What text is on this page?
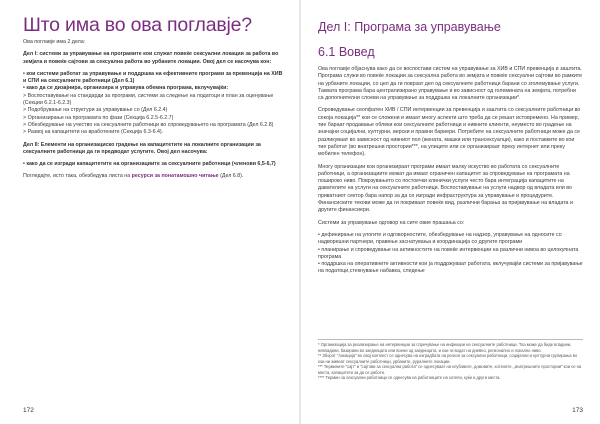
Што има во ова поглавје?

Ова поглавје има 2 дела:

Дел I: системи за управување на програмите кои служат повеќе сексуални локации за работа во земјата и повеќе сајтови за сексуална работа во урбаните локации. Овој дел се насочува кон:

• кои системи работат за управување и поддршка на ефективните програми за превенција на ХИВ и СПИ на сексуалните работници (Дел 6.1)

• како да се дизајнира, организира и управува обемна програма, вклучувајќи:

> Воспоставување на стандарди за програми, системи за следење на податоци и план за оценување (Секции 6.2.1-6.2.3)
> Подобрување на структури за управување со (Дел 6.2.4)
> Организирање на програмата по фази (Секција 6.2.5-6.2.7)
> Обезбедување на учество на сексуалните работници во спроведувањето на програмата (Дел 6.2.8)
> Развој на капацитети на вработените (Секција 6.3-6.4).

Дел II: Елементи на организациско градење на капацитетите на локалните организации за сексуалните работници да ги предводат услугите. Овој дел насочува:

• како да се изгради капацитетите на организациите за сексуалните работници (членови 6,5-6,7)

Погледајте, исто така, обезбедува листа на ресурси за понатамошно читање (Дел 6.8).

172
Дел I: Програма за управување
6.1 Вовед

Ова поглавје објаснува како да се воспостави систем на управување за ХИВ и СПИ превенција и заштита. Програма служи во повеќе локации за сексуална работа во земјата и повеќе сексуални сајтови во рамките на урбаните локации, со цел да ги поврзат дел од сексуалните работници барани со зголемување услуги. Таквата програма бара централизирано управување и во зависност од големината на земјата, потребни са дополнителни слоеви на управување за поддршка на локалните организации*.

Спроведување сеопфатен ХИВ / СПИ интервенции за превенција и заштита со сексуалните работници во секоја локација** кои се сложени и имаат многу аспекти што треба да се решат истовремено. На пример, тие бараат продавање облеки кои сексуалните работници и нивните клиенти, неуместо во градење на значајни социјални, културни, верски и правни бариери. Потребите на сексуалните работници може да се разликуваат во зависност од нивниот пол (жената, машки или трансексуалци), како и поставките во кои тие работат (во внатрешни простории***, на улиците или се организираат преку интернет или преку мобилен телефон).

Многу организации кои организираат програми имаат малку искуство во работата со сексуалните работници, а организациите можат да имаат ограничен капацитет за спроведување на програмата на пошироко ниво. Поврзувањето со постоечки клинички услуги често бара интеграција капацитите на давателите на услуги на сексуалните работници. Воспоставување на услуги надвор од владата или во приватниот сектор бара напор за да се изгради инфраструктура за управување и процедурите. Финансиските текови може да ги покриваат повеќе вид, различни барања за пријавување на владата и другите финансиери.

Системи за управување одговор на сите овие прашања со:

• дефинирање на улогите и одговорностите, обезбедување на надзор, управување на односите со надворешни партнери, правење заснатувања и координација со другите програми

• планирање и спроведување на активностите на повеќе интервенции на различни нивоа во целокупната програма

• поддршка на оперативните активности кои ја поддржуваат работата, вклучувајќи системи за пријавување на податоци,стекнување набавка, следење

* Организација за реализирање на интервенции за спречување на инфекции на сексуалните работници. Тоа може да биде владини, невладини, базирани во заедницата или воени од заедницата, и кои ги водат на дневно, регионално и локално ниво.

** Зборот "локација" во овој контекст се однесува на изградбата на регион за сексуални работници, социјални и културни групирања во кои ни живеат сексуалните работници, урбаните, руралните локации.

*** Термините "сајт" и "сајтови за сексуална работа" се однесуваат на клубовите, домовите, хотелите, „внатрешните простории" кои се на места, капацитети за да се работи.

**** Термин за сексуални работници се однесува на работниците на хотели, куќи и други места.

173
